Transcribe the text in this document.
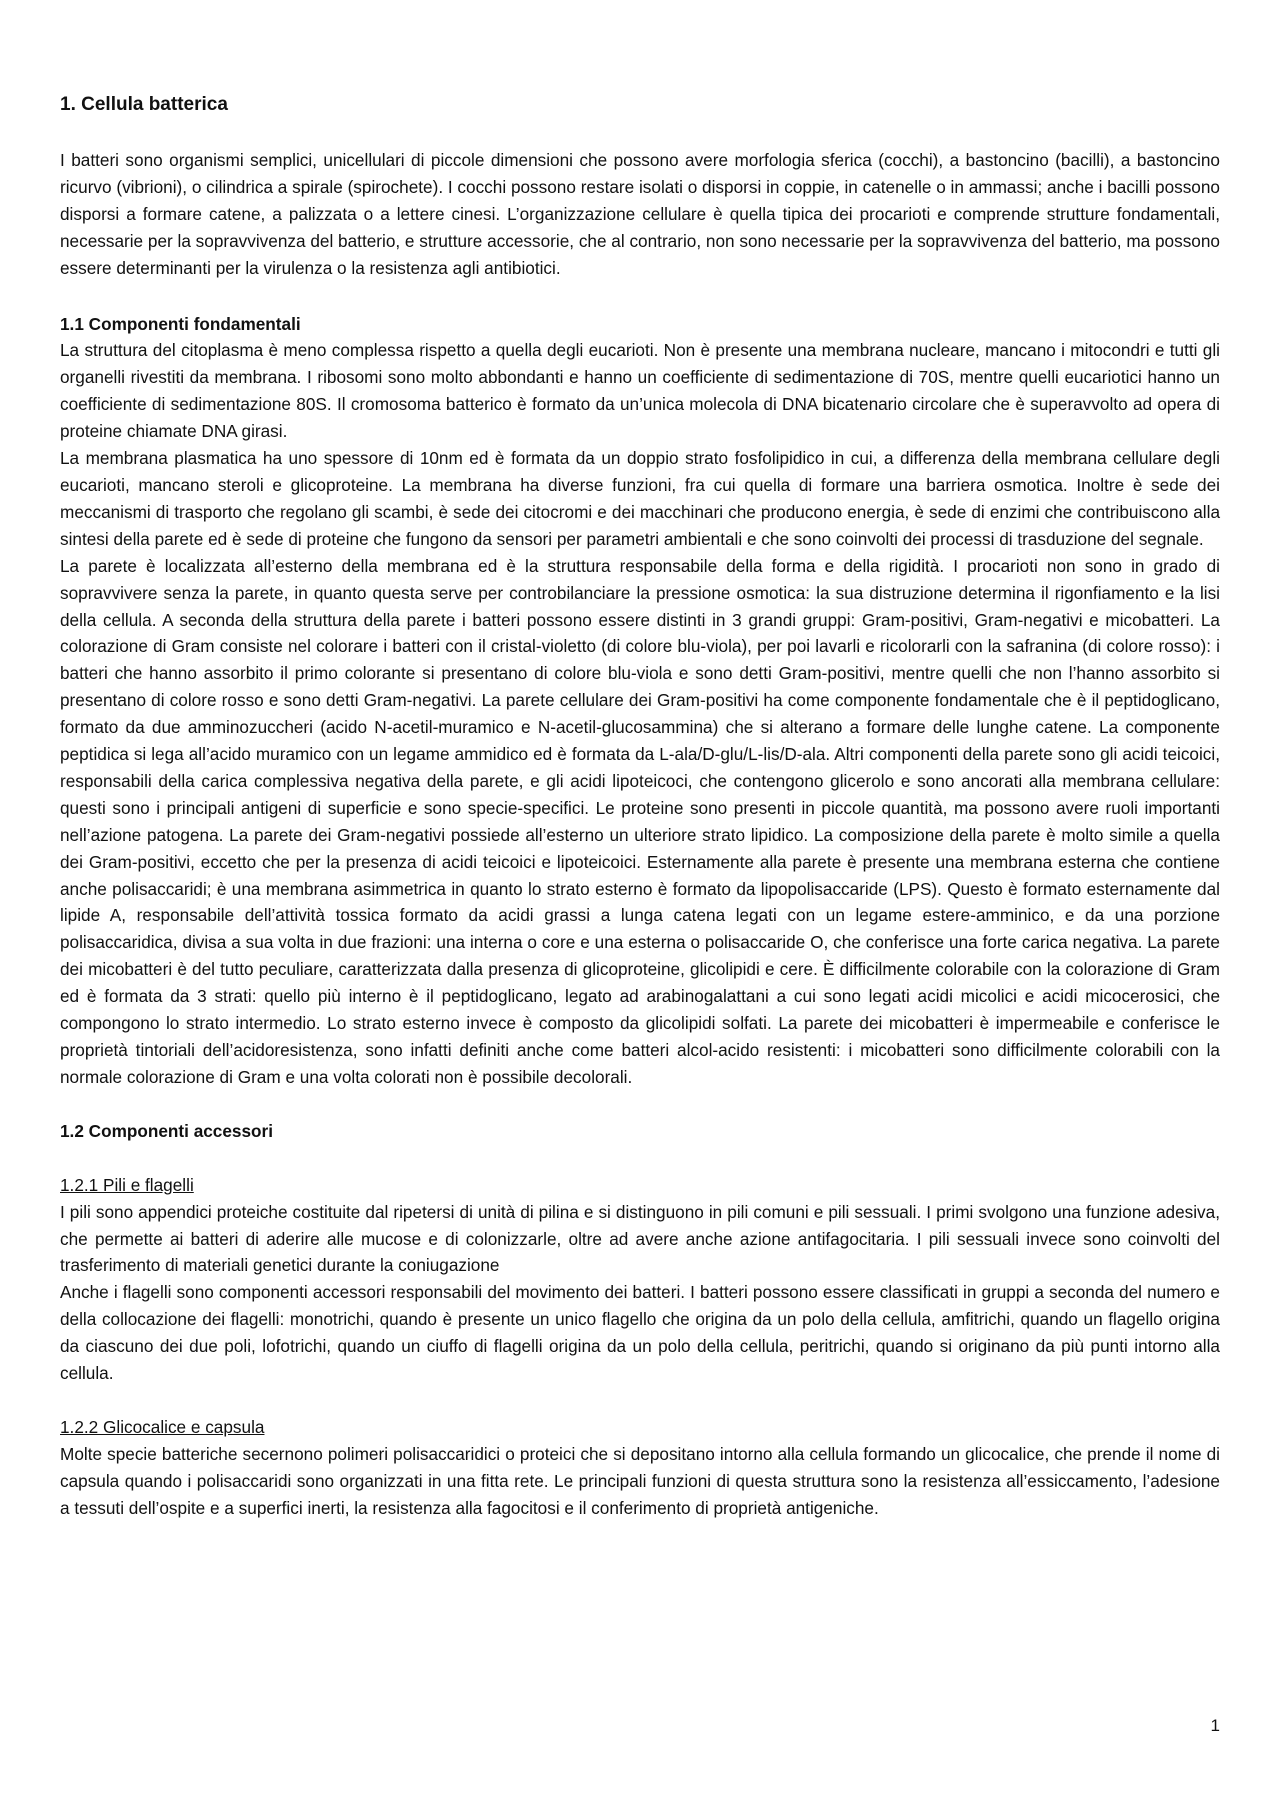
1. Cellula batterica

I batteri sono organismi semplici, unicellulari di piccole dimensioni che possono avere morfologia sferica (cocchi), a bastoncino (bacilli), a bastoncino ricurvo (vibrioni), o cilindrica a spirale (spirochete). I cocchi possono restare isolati o disporsi in coppie, in catenelle o in ammassi; anche i bacilli possono disporsi a formare catene, a palizzata o a lettere cinesi. L’organizzazione cellulare è quella tipica dei procarioti e comprende strutture fondamentali, necessarie per la sopravvivenza del batterio, e strutture accessorie, che al contrario, non sono necessarie per la sopravvivenza del batterio, ma possono essere determinanti per la virulenza o la resistenza agli antibiotici.

1.1 Componenti fondamentali

La struttura del citoplasma è meno complessa rispetto a quella degli eucarioti. Non è presente una membrana nucleare, mancano i mitocondri e tutti gli organelli rivestiti da membrana. I ribosomi sono molto abbondanti e hanno un coefficiente di sedimentazione di 70S, mentre quelli eucariotici hanno un coefficiente di sedimentazione 80S. Il cromosoma batterico è formato da un’unica molecola di DNA bicatenario circolare che è superavvolto ad opera di proteine chiamate DNA girasi.

La membrana plasmatica ha uno spessore di 10nm ed è formata da un doppio strato fosfolipidico in cui, a differenza della membrana cellulare degli eucarioti, mancano steroli e glicoproteine. La membrana ha diverse funzioni, fra cui quella di formare una barriera osmotica. Inoltre è sede dei meccanismi di trasporto che regolano gli scambi, è sede dei citocromi e dei macchinari che producono energia, è sede di enzimi che contribuiscono alla sintesi della parete ed è sede di proteine che fungono da sensori per parametri ambientali e che sono coinvolti dei processi di trasduzione del segnale.

La parete è localizzata all’esterno della membrana ed è la struttura responsabile della forma e della rigidità. I procarioti non sono in grado di sopravvivere senza la parete, in quanto questa serve per controbilanciare la pressione osmotica: la sua distruzione determina il rigonfiamento e la lisi della cellula. A seconda della struttura della parete i batteri possono essere distinti in 3 grandi gruppi: Gram-positivi, Gram-negativi e micobatteri. La colorazione di Gram consiste nel colorare i batteri con il cristal-violetto (di colore blu-viola), per poi lavarli e ricolorarli con la safranina (di colore rosso): i batteri che hanno assorbito il primo colorante si presentano di colore blu-viola e sono detti Gram-positivi, mentre quelli che non l’hanno assorbito si presentano di colore rosso e sono detti Gram-negativi. La parete cellulare dei Gram-positivi ha come componente fondamentale che è il peptidoglicano, formato da due amminozuccheri (acido N-acetil-muramico e N-acetil-glucosammina) che si alterano a formare delle lunghe catene. La componente peptidica si lega all’acido muramico con un legame ammidico ed è formata da L-ala/D-glu/L-lis/D-ala. Altri componenti della parete sono gli acidi teicoici, responsabili della carica complessiva negativa della parete, e gli acidi lipoteicoci, che contengono glicerolo e sono ancorati alla membrana cellulare: questi sono i principali antigeni di superficie e sono specie-specifici. Le proteine sono presenti in piccole quantità, ma possono avere ruoli importanti nell’azione patogena. La parete dei Gram-negativi possiede all’esterno un ulteriore strato lipidico. La composizione della parete è molto simile a quella dei Gram-positivi, eccetto che per la presenza di acidi teicoici e lipoteicoici. Esternamente alla parete è presente una membrana esterna che contiene anche polisaccaridi; è una membrana asimmetrica in quanto lo strato esterno è formato da lipopolisaccaride (LPS). Questo è formato esternamente dal lipide A, responsabile dell’attività tossica formato da acidi grassi a lunga catena legati con un legame estere-amminico, e da una porzione polisaccaridica, divisa a sua volta in due frazioni: una interna o core e una esterna o polisaccaride O, che conferisce una forte carica negativa. La parete dei micobatteri è del tutto peculiare, caratterizzata dalla presenza di glicoproteine, glicolipidi e cere. È difficilmente colorabile con la colorazione di Gram ed è formata da 3 strati: quello più interno è il peptidoglicano, legato ad arabinogalattani a cui sono legati acidi micolici e acidi micocerosici, che compongono lo strato intermedio. Lo strato esterno invece è composto da glicolipidi solfati. La parete dei micobatteri è impermeabile e conferisce le proprietà tintoriali dell’acidoresistenza, sono infatti definiti anche come batteri alcol-acido resistenti: i micobatteri sono difficilmente colorabili con la normale colorazione di Gram e una volta colorati non è possibile decolorali.

1.2 Componenti accessori
1.2.1 Pili e flagelli

I pili sono appendici proteiche costituite dal ripetersi di unità di pilina e si distinguono in pili comuni e pili sessuali. I primi svolgono una funzione adesiva, che permette ai batteri di aderire alle mucose e di colonizzarle, oltre ad avere anche azione antifagocitaria. I pili sessuali invece sono coinvolti del trasferimento di materiali genetici durante la coniugazione

Anche i flagelli sono componenti accessori responsabili del movimento dei batteri. I batteri possono essere classificati in gruppi a seconda del numero e della collocazione dei flagelli: monotrichi, quando è presente un unico flagello che origina da un polo della cellula, amfitrichi, quando un flagello origina da ciascuno dei due poli, lofotrichi, quando un ciuffo di flagelli origina da un polo della cellula, peritrichi, quando si originano da più punti intorno alla cellula.

1.2.2 Glicocalice e capsula

Molte specie batteriche secernono polimeri polisaccaridici o proteici che si depositano intorno alla cellula formando un glicocalice, che prende il nome di capsula quando i polisaccaridi sono organizzati in una fitta rete. Le principali funzioni di questa struttura sono la resistenza all’essiccamento, l’adesione a tessuti dell’ospite e a superfici inerti, la resistenza alla fagocitosi e il conferimento di proprietà antigeniche.

1
